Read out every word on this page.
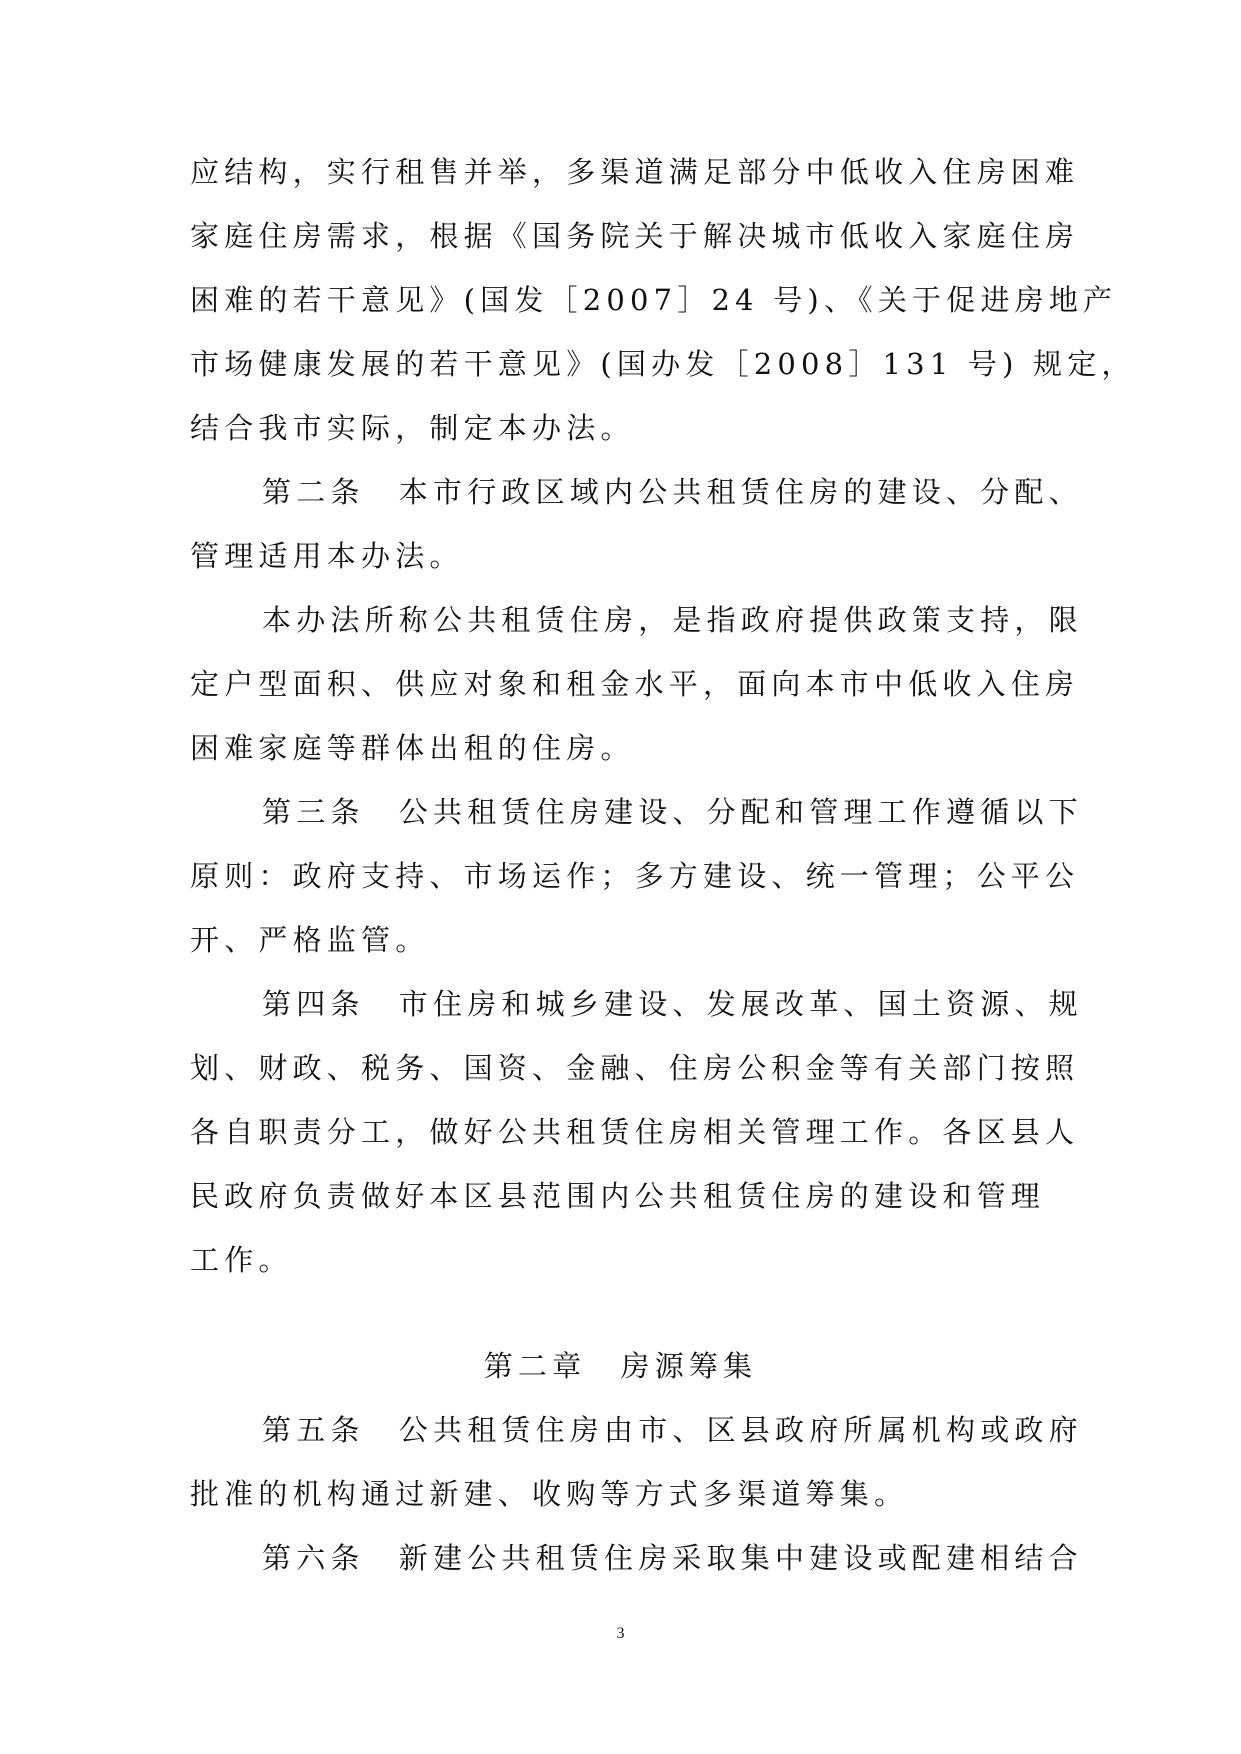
应结构，实行租售并举，多渠道满足部分中低收入住房困难
家庭住房需求，根据《国务院关于解决城市低收入家庭住房
困难的若干意见》(国发［2007］24 号)、《关于促进房地产
市场健康发展的若干意见》(国办发［2008］131 号) 规定，
结合我市实际，制定本办法。
第二条　本市行政区域内公共租赁住房的建设、分配、
管理适用本办法。
本办法所称公共租赁住房，是指政府提供政策支持，限
定户型面积、供应对象和租金水平，面向本市中低收入住房
困难家庭等群体出租的住房。
第三条　公共租赁住房建设、分配和管理工作遵循以下
原则：政府支持、市场运作；多方建设、统一管理；公平公
开、严格监管。
第四条　市住房和城乡建设、发展改革、国土资源、规
划、财政、税务、国资、金融、住房公积金等有关部门按照
各自职责分工，做好公共租赁住房相关管理工作。各区县人
民政府负责做好本区县范围内公共租赁住房的建设和管理
工作。
第二章　房源筹集
第五条　公共租赁住房由市、区县政府所属机构或政府
批准的机构通过新建、收购等方式多渠道筹集。
第六条　新建公共租赁住房采取集中建设或配建相结合
3
